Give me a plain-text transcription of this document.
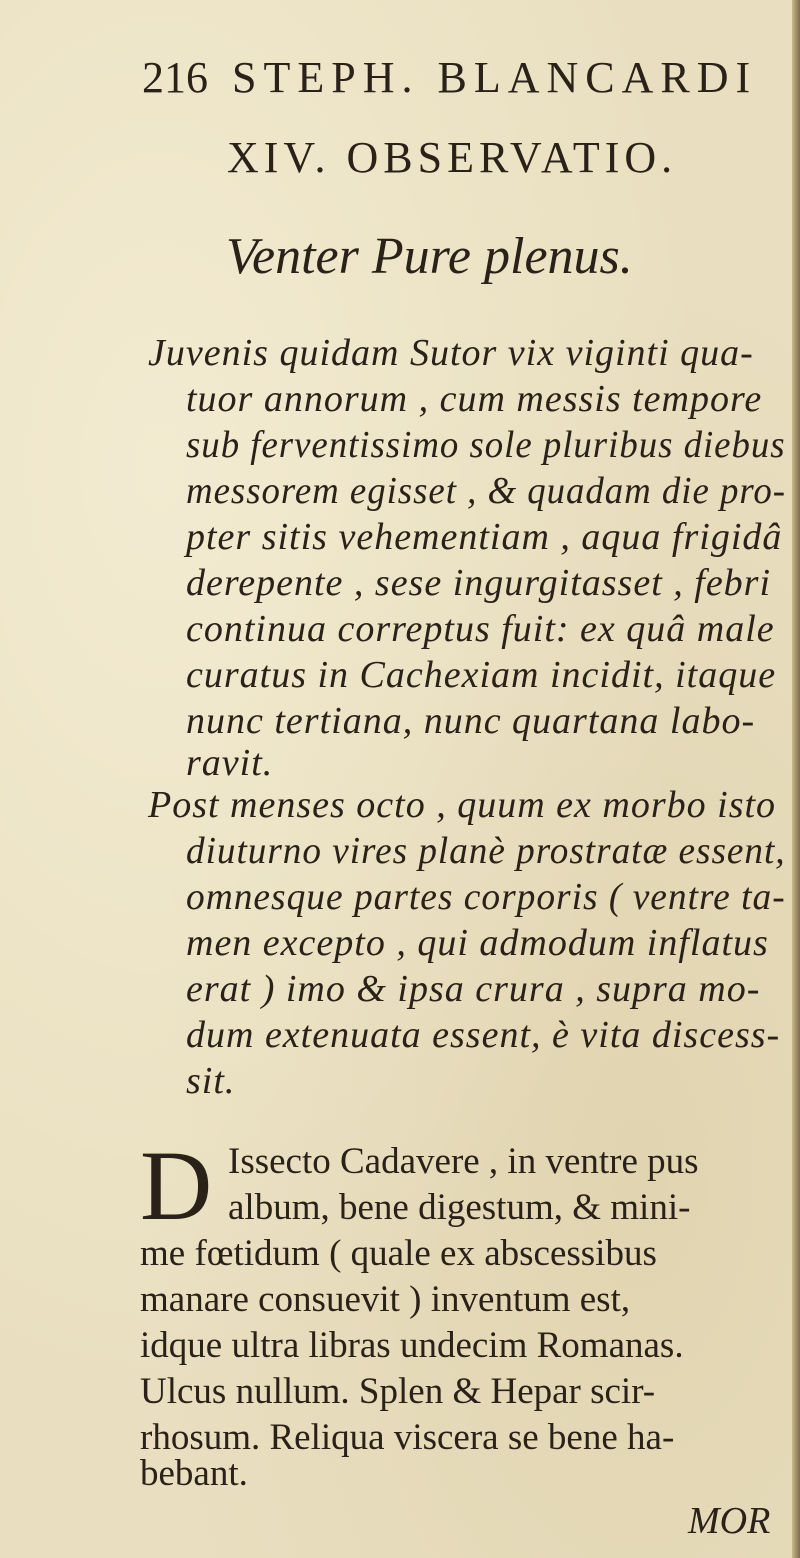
216 STEPH. BLANCARDI
XIV. OBSERVATIO.
Venter Pure plenus.
Juvenis quidam Sutor vix viginti qua-
tuor annorum , cum messis tempore
sub ferventissimo sole pluribus diebus
messorem egisset , & quadam die pro-
pter sitis vehementiam , aqua frigidâ
derepente , sese ingurgitasset , febri
continua correptus fuit: ex quâ male
curatus in Cachexiam incidit, itaque
nunc tertiana, nunc quartana labo-
ravit.
Post menses octo , quum ex morbo isto
diuturno vires planè prostratæ essent,
omnesque partes corporis ( ventre ta-
men excepto , qui admodum inflatus
erat ) imo & ipsa crura , supra mo-
dum extenuata essent, è vita discess-
sit.
D Issecto Cadavere , in ventre pus
album, bene digestum, & mini-
me fœtidum ( quale ex abscessibus
manare consuevit ) inventum est,
idque ultra libras undecim Romanas.
Ulcus nullum. Splen & Hepar scir-
rhosum. Reliqua viscera se bene ha-
bebant.
MOR
